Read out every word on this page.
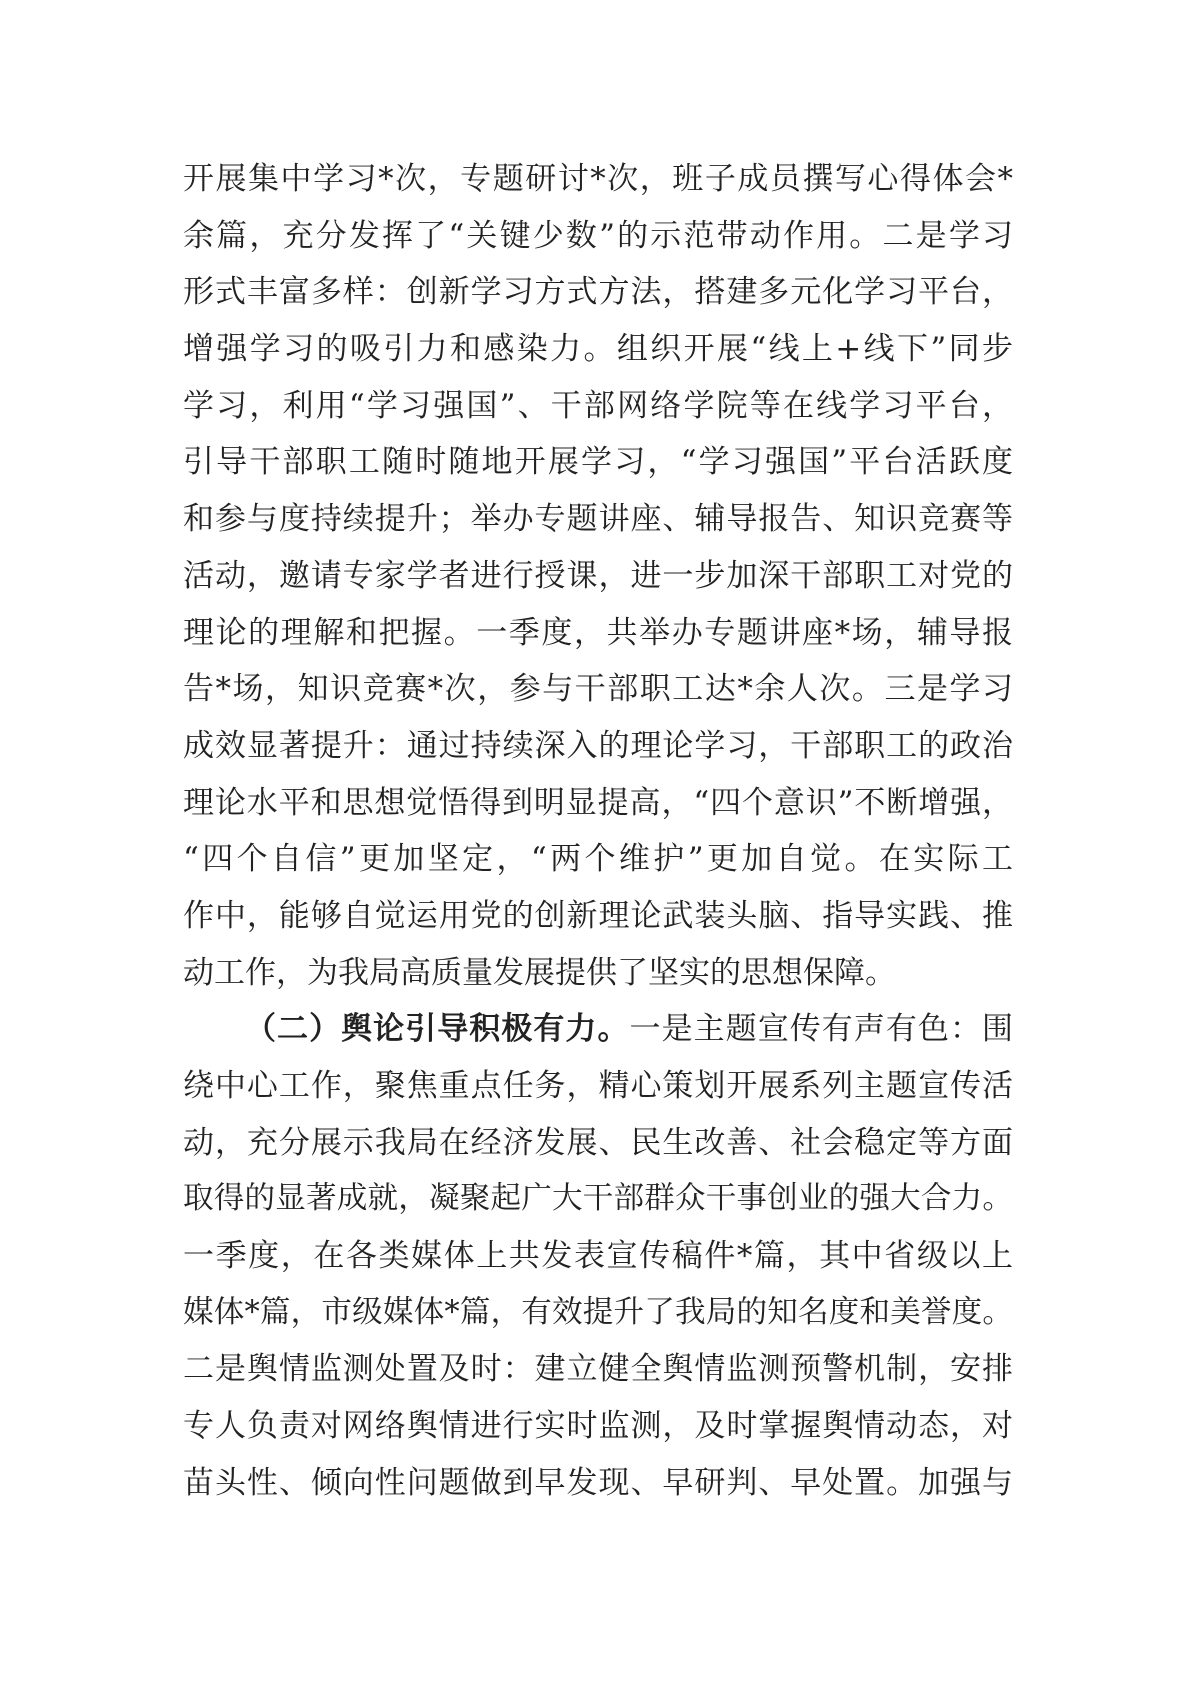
开展集中学习*次，专题研讨*次，班子成员撰写心得体会*
余篇，充分发挥了“关键少数”的示范带动作用。二是学习
形式丰富多样：创新学习方式方法，搭建多元化学习平台，
增强学习的吸引力和感染力。组织开展“线上+线下”同步
学习，利用“学习强国”、干部网络学院等在线学习平台，
引导干部职工随时随地开展学习，“学习强国”平台活跃度
和参与度持续提升；举办专题讲座、辅导报告、知识竞赛等
活动，邀请专家学者进行授课，进一步加深干部职工对党的
理论的理解和把握。一季度，共举办专题讲座*场，辅导报
告*场，知识竞赛*次，参与干部职工达*余人次。三是学习
成效显著提升：通过持续深入的理论学习，干部职工的政治
理论水平和思想觉悟得到明显提高，“四个意识”不断增强，
“四个自信”更加坚定，“两个维护”更加自觉。在实际工
作中，能够自觉运用党的创新理论武装头脑、指导实践、推
动工作，为我局高质量发展提供了坚实的思想保障。
（二）舆论引导积极有力。一是主题宣传有声有色：围
绕中心工作，聚焦重点任务，精心策划开展系列主题宣传活
动，充分展示我局在经济发展、民生改善、社会稳定等方面
取得的显著成就，凝聚起广大干部群众干事创业的强大合力。
一季度，在各类媒体上共发表宣传稿件*篇，其中省级以上
媒体*篇，市级媒体*篇，有效提升了我局的知名度和美誉度。
二是舆情监测处置及时：建立健全舆情监测预警机制，安排
专人负责对网络舆情进行实时监测，及时掌握舆情动态，对
苗头性、倾向性问题做到早发现、早研判、早处置。加强与
